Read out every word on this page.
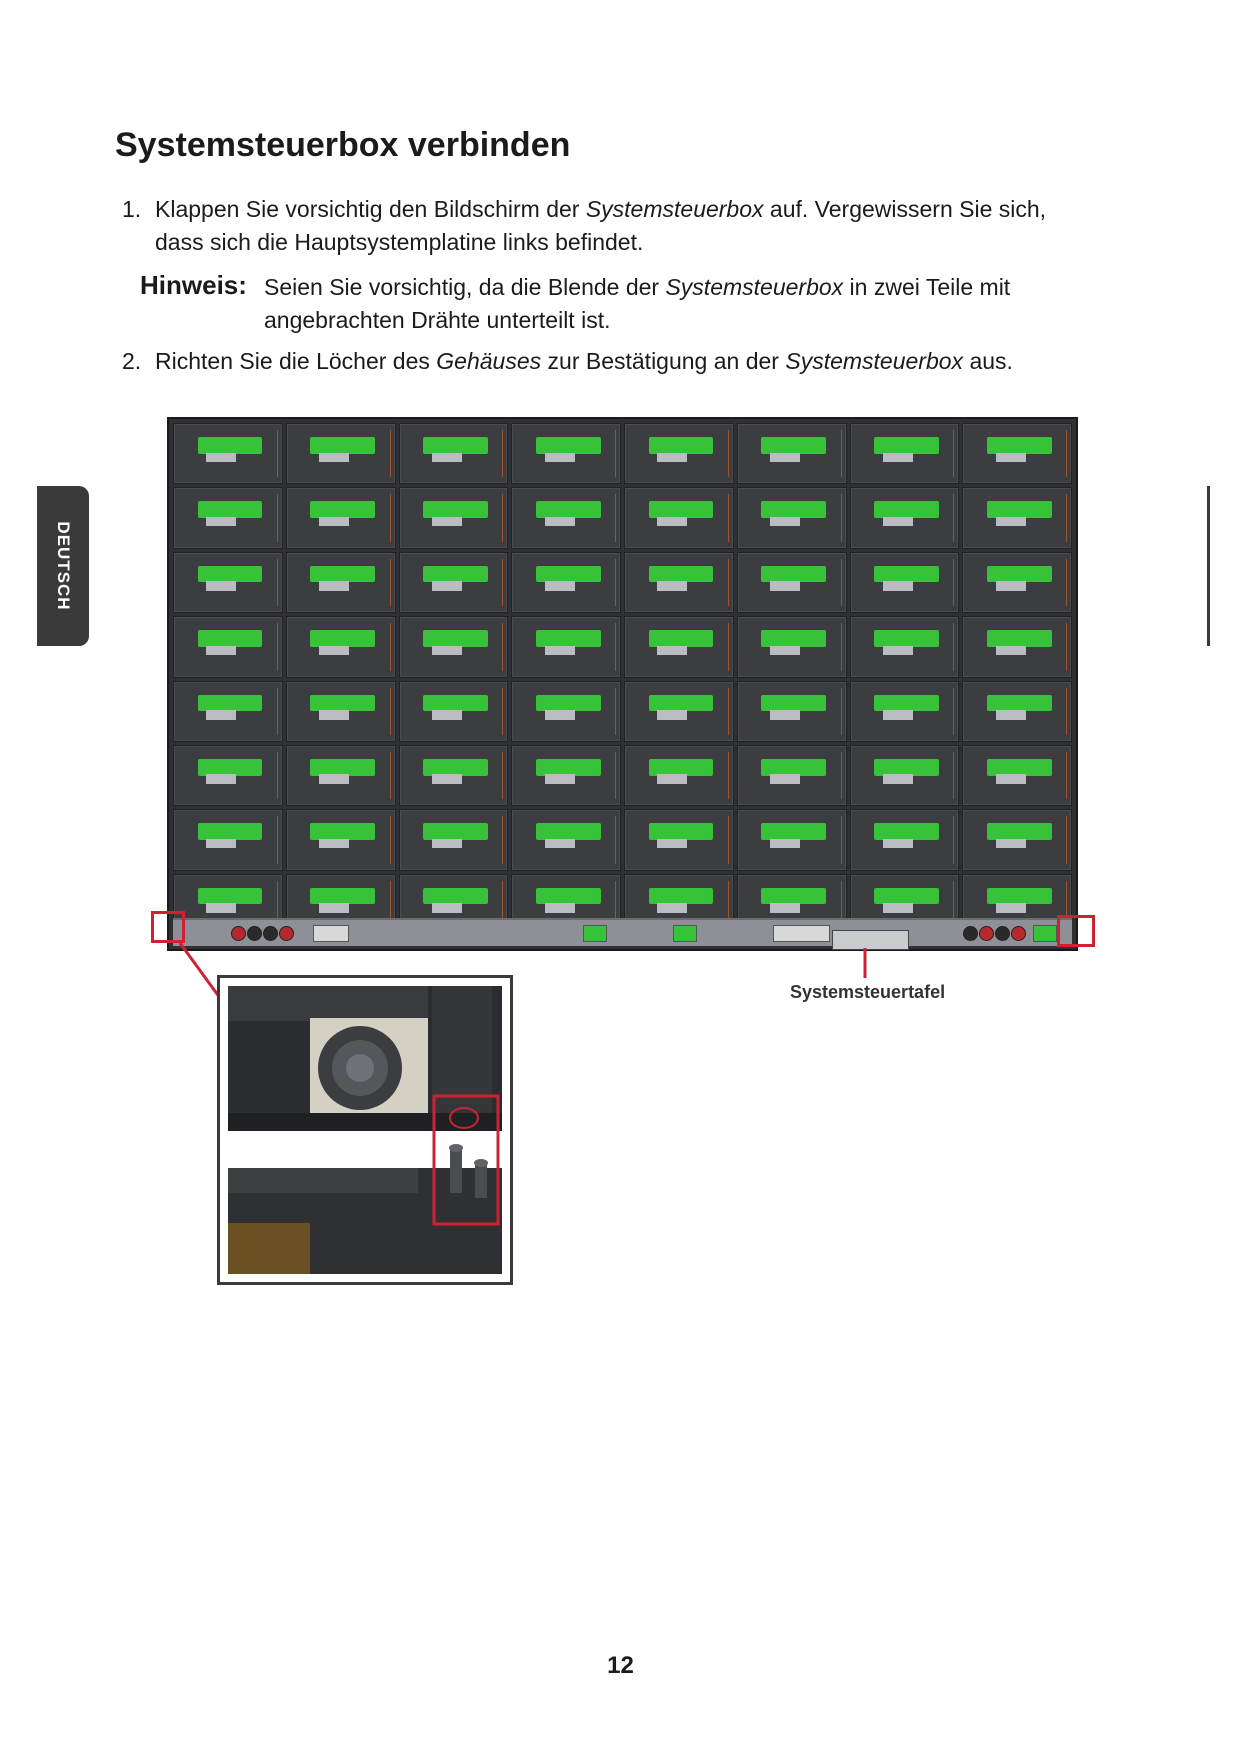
Systemsteuerbox verbinden
DEUTSCH
1. Klappen Sie vorsichtig den Bildschirm der Systemsteuerbox auf. Vergewissern Sie sich,
dass sich die Hauptsystemplatine links befindet.
Hinweis: Seien Sie vorsichtig, da die Blende der Systemsteuerbox in zwei Teile mit
angebrachten Drähte unterteilt ist.
2. Richten Sie die Löcher des Gehäuses zur Bestätigung an der Systemsteuerbox aus.
Systemsteuertafel
12
